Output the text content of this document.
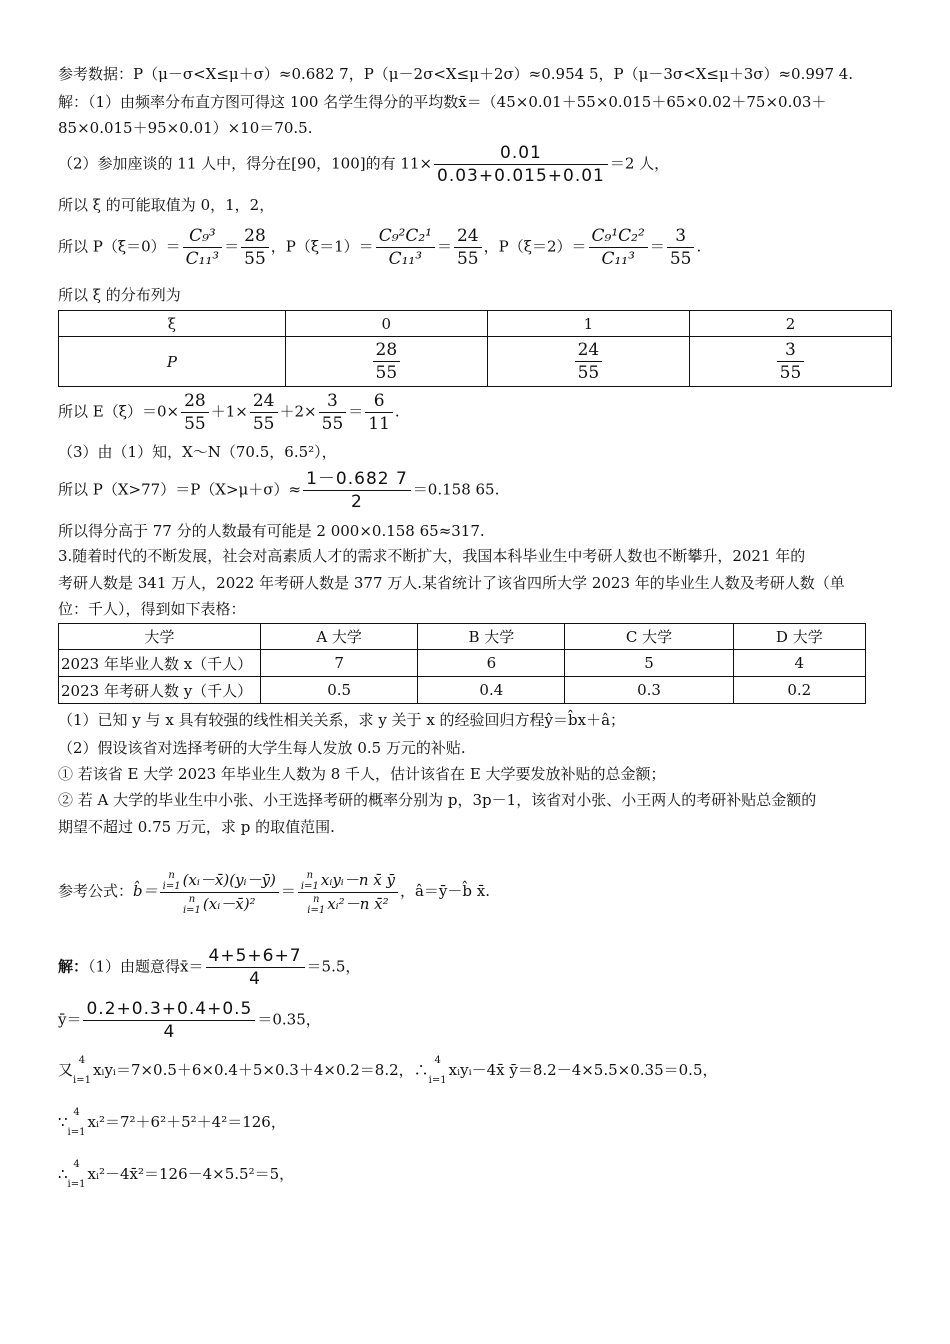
参考数据：P（μ－σ<X≤μ＋σ）≈0.682 7，P（μ－2σ<X≤μ＋2σ）≈0.954 5，P（μ－3σ<X≤μ＋3σ）≈0.997 4.
解：（1）由频率分布直方图可得这 100 名学生得分的平均数x̄＝（45×0.01＋55×0.015＋65×0.02＋75×0.03＋
85×0.015＋95×0.01）×10＝70.5.
（2）参加座谈的 11 人中，得分在[90，100]的有 $11\times \frac{0.01}{0.03+0.015+0.01} =2$ 人，
所以 ξ 的可能取值为 0，1，2，
所以 $P(\xi=0)= \frac{\text{C₉³}}{\text{C₁₁³}} = \frac{28}{55}$ ，$P(\xi=1)= \frac{\text{C₉²C₂¹}}{\text{C₁₁³}} = \frac{24}{55}$ ，$P(\xi=2)= \frac{\text{C₉¹C₂²}}{\text{C₁₁³}} = \frac{3}{55}$ .
所以 ξ 的分布列为
ξ	0	1	2
P	$\frac{28}{55}$	$\frac{24}{55}$	$\frac{3}{55}$
所以 $E(\xi)=0\times \frac{28}{55} +1\times \frac{24}{55} +2\times \frac{3}{55} = \frac{6}{11}$ .
（3）由（1）知，X～N（70.5，6.5²），
所以 $P(X>77)=P(X>\mu+\sigma)\approx \frac{1-0.682 7}{2} =0.158$ 65.
所以得分高于 77 分的人数最有可能是 2 000×0.158 65≈317.
3.随着时代的不断发展，社会对高素质人才的需求不断扩大，我国本科毕业生中考研人数也不断攀升，2021 年的
考研人数是 341 万人，2022 年考研人数是 377 万人.某省统计了该省四所大学 2023 年的毕业生人数及考研人数（单
位：千人），得到如下表格：
大学	A 大学	B 大学	C 大学	D 大学
2023 年毕业人数 x（千人）	7	6	5	4
2023 年考研人数 y（千人）	0.5	0.4	0.3	0.2
（1）已知 y 与 x 具有较强的线性相关关系，求 y 关于 x 的经验回归方程ŷ＝b̂x＋â；
（2）假设该省对选择考研的大学生每人发放 0.5 万元的补贴.
① 若该省 E 大学 2023 年毕业生人数为 8 千人，估计该省在 E 大学要发放补贴的总金额；
② 若 A 大学的毕业生中小张、小王选择考研的概率分别为 p，3p－1，该省对小张、小王两人的考研补贴总金额的
期望不超过 0.75 万元，求 p 的取值范围.
参考公式：b̂＝ n
i=1 (xᵢ－x̄)(yᵢ－ȳ)
n
i=1 (xᵢ－x̄)² ＝ n
i=1 xᵢyᵢ－n x̄ ȳ
n
i=1 xᵢ²－n x̄² ，â＝ȳ－b̂ x̄.
解：（1）由题意得x̄＝ $\frac{4+5+6+7}{4} =5.5$，
ȳ＝ $\frac{0.2+0.3+0.4+0.5}{4} =0.35$，
又
4
i=1
xᵢyᵢ＝7×0.5＋6×0.4＋5×0.3＋4×0.2＝8.2，∴
4
i=1
xᵢyᵢ－4x̄ ȳ＝8.2－4×5.5×0.35＝0.5，
∵
4
i=1
xᵢ²＝7²＋6²＋5²＋4²＝126，
∴
4
i=1
xᵢ²－4x̄²＝126－4×5.5²＝5，
